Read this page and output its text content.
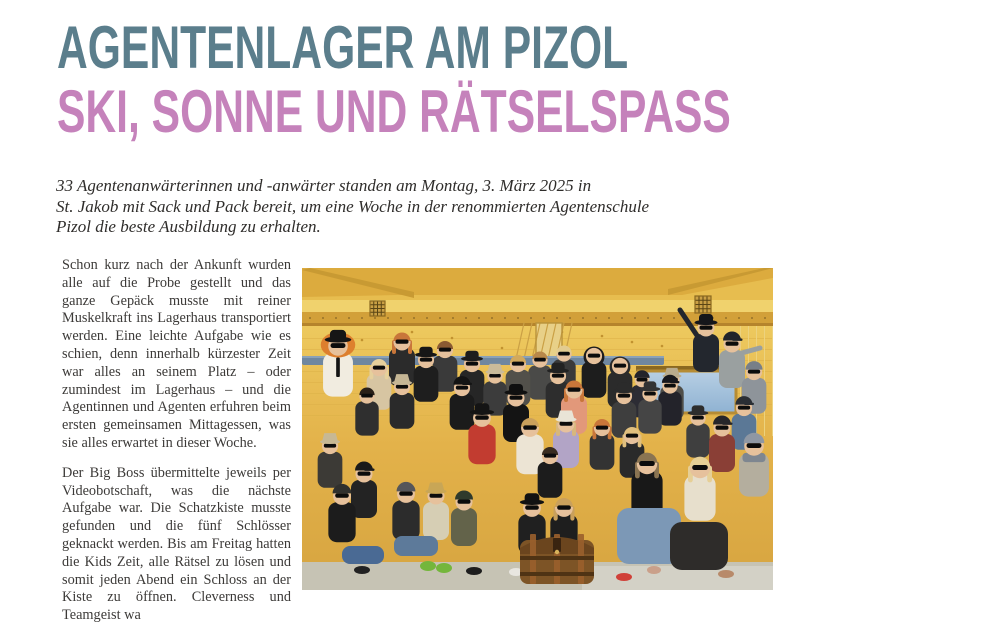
AGENTENLAGER AM PIZOL
SKI, SONNE UND RÄTSELSPASS
33 Agentenanwärterinnen und -anwärter standen am Montag, 3. März 2025 in
St. Jakob mit Sack und Pack bereit, um eine Woche in der renommierten Agentenschule
Pizol die beste Ausbildung zu erhalten.

Schon kurz nach der Ankunft wurden alle auf die Probe gestellt und das ganze Gepäck musste mit reiner Muskelkraft ins Lagerhaus transportiert werden. Eine leichte Aufgabe wie es schien, denn innerhalb kürzester Zeit war alles an seinem Platz – oder zumindest im Lagerhaus – und die Agentinnen und Agenten erfuhren beim ersten gemeinsamen Mittagessen, was sie alles erwartet in dieser Woche.

Der Big Boss übermittelte jeweils per Videobotschaft, was die nächste Aufgabe war. Die Schatzkiste musste gefunden und die fünf Schlösser geknackt werden. Bis am Freitag hatten die Kids Zeit, alle Rätsel zu lösen und somit jeden Abend ein Schloss an der Kiste zu öffnen. Cleverness und Teamgeist wa
